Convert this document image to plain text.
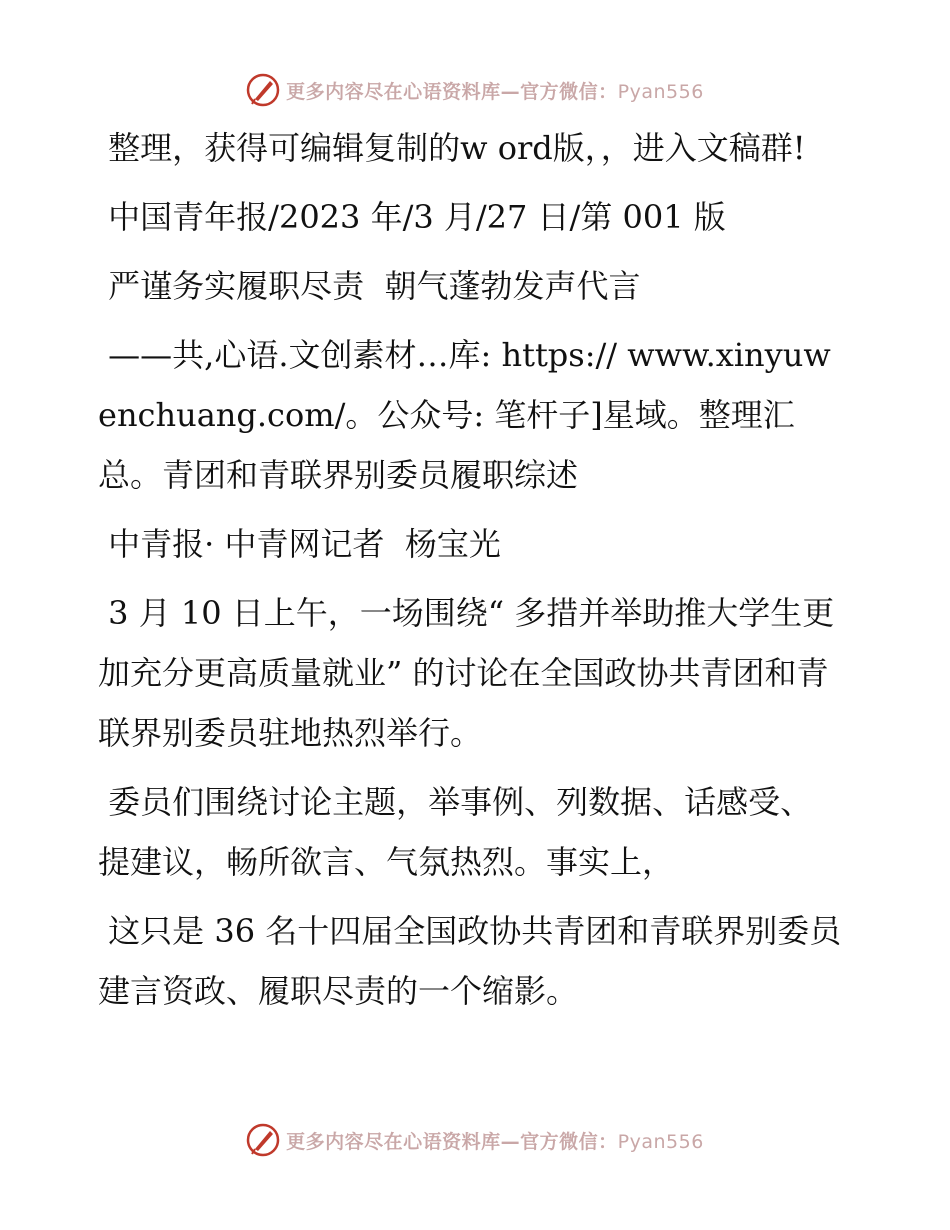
更多内容尽在心语资料库—官方微信：Pyan556

整理，获得可编辑复制的w ord版，，进入文稿群!

中国青年报/2023 年/3 月/27 日/第 001 版

严谨务实履职尽责  朝气蓬勃发声代言

——共,心语.文创素材…库: https:// www.xinyuwenchuang.com/。公众号: 笔杆子]星域。整理汇总。青团和青联界别委员履职综述

中青报· 中青网记者  杨宝光

3 月 10 日上午，一场围绕“ 多措并举助推大学生更加充分更高质量就业” 的讨论在全国政协共青团和青联界别委员驻地热烈举行。

委员们围绕讨论主题，举事例、列数据、话感受、提建议，畅所欲言、气氛热烈。事实上，

这只是 36 名十四届全国政协共青团和青联界别委员建言资政、履职尽责的一个缩影。

更多内容尽在心语资料库—官方微信：Pyan556
